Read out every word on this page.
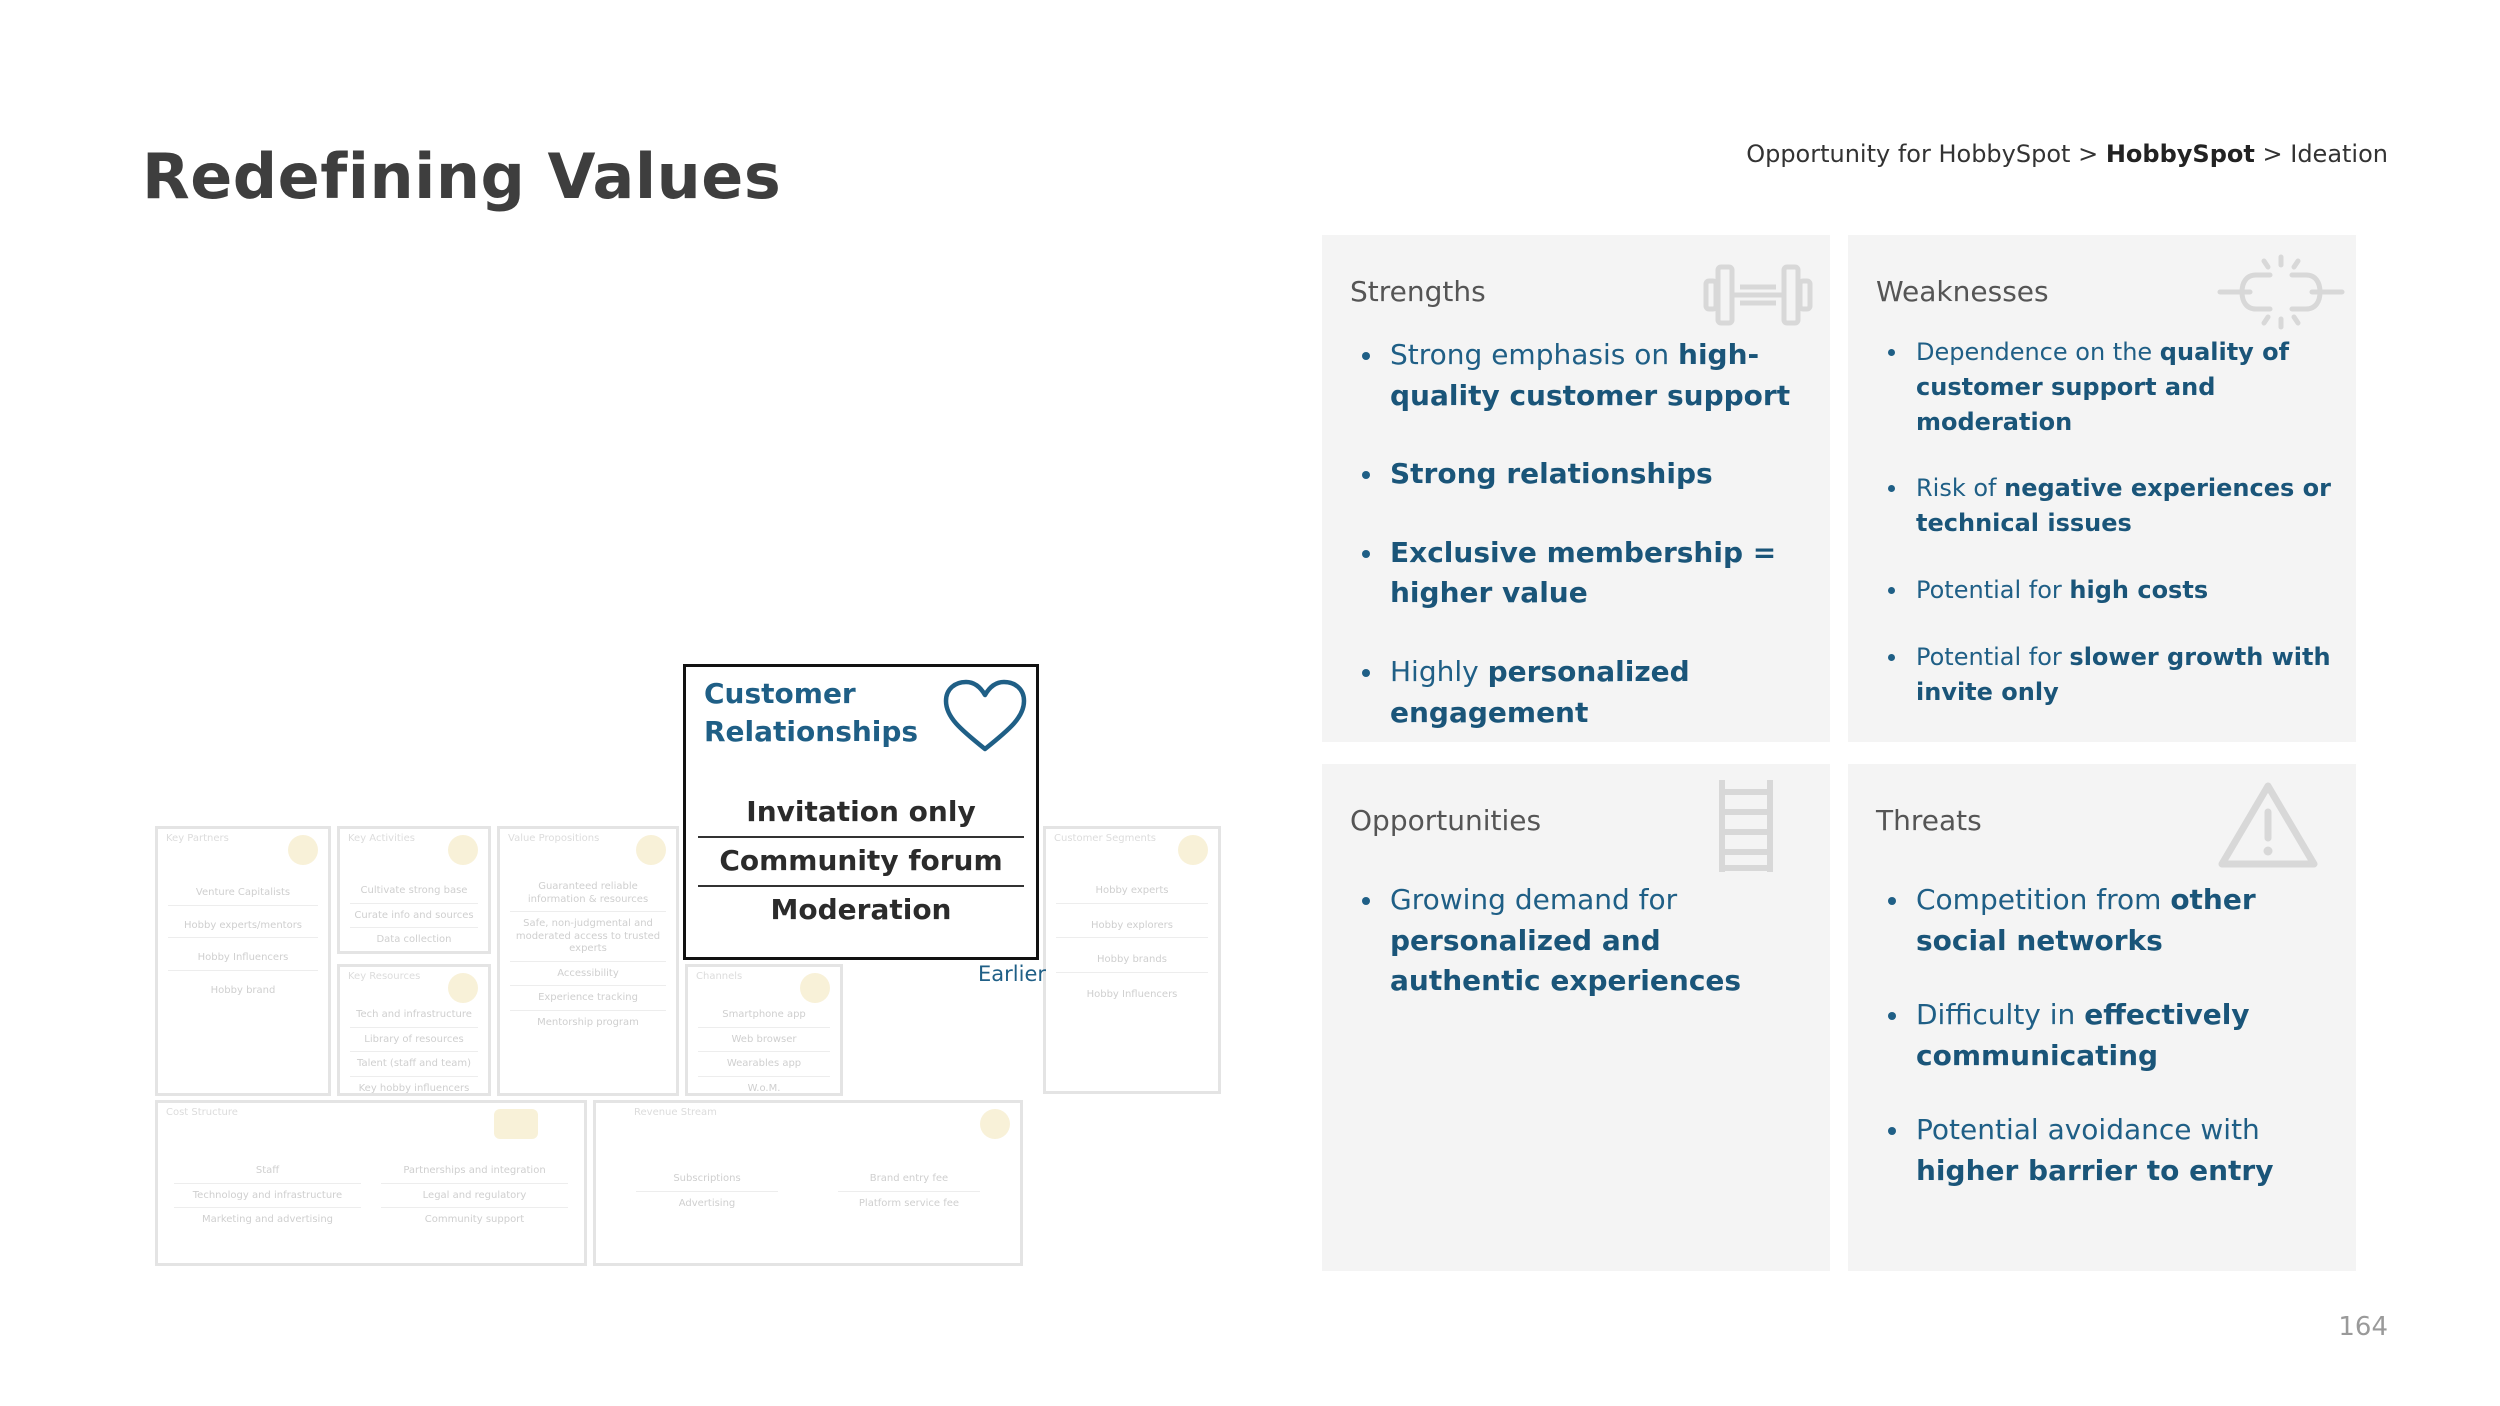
Redefining Values	Opportunity for HobbySpot > HobbySpot > Ideation
Key Partners
Venture Capitalists
Hobby experts/mentors
Hobby Influencers
Hobby brand
Key Activities
Cultivate strong base
Curate info and sources
Data collection
Key Resources
Tech and infrastructure
Library of resources
Talent (staff and team)
Key hobby influencers
Value Propositions
Guaranteed reliable information & resources
Safe, non-judgmental and moderated access to trusted experts
Accessibility
Experience tracking
Mentorship program
Channels
Smartphone app
Web browser
Wearables app
W.o.M.
Customer Segments
Hobby experts
Hobby explorers
Hobby brands
Hobby Influencers
Cost Structure
Staff
Technology and infrastructure
Marketing and advertising
Partnerships and integration
Legal and regulatory
Community support
Revenue Stream
Subscriptions
Advertising
Brand entry fee
Platform service fee
Customer
Relationships
Invitation only
Community forum
Moderation
Earlier
Strengths
Strong emphasis on high-quality customer support
Strong relationships
Exclusive membership = higher value
Highly personalized engagement
Weaknesses
Dependence on the quality of customer support and moderation
Risk of negative experiences or technical issues
Potential for high costs
Potential for slower growth with invite only
Opportunities
Growing demand for personalized and authentic experiences
Threats
Competition from other social networks
Difficulty in effectively communicating
Potential avoidance with higher barrier to entry
164
